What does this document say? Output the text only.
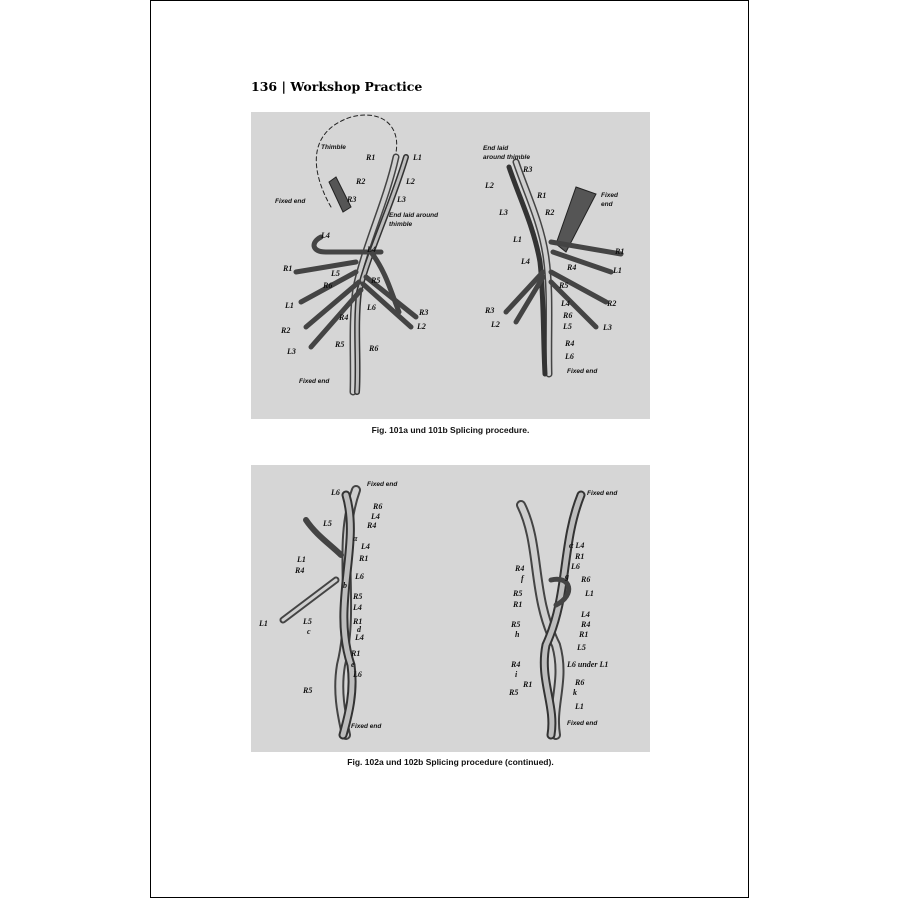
136 | Workshop Practice
Thimble
Fixed end
End laid around
thimble
Fixed end
R1	L1
R2	L2
R3	L3
L4
L4
L5
R6
R5
R4
L6
R5	R6
R1
L1
R2
L3
R3
L2
End laid
around thimble
R3
L2
R1
L3	R2
Fixed
end
L1
R1
L4
R4	L1
R5
L4	R2
R3
L2
R6
L5	L3
R4
L6
Fixed end
Fig. 101a und 101b Splicing procedure.
L6
Fixed end
R6
L4
L5	R4
α
L4
L1	R1
R4
L6
b
R5
L4
L1	L5
c
R1
d
L4
R1
e
L6
R5
Fixed end
Fixed end
α L4
R1
R4	L6
f	g R6
R5	L1
R1
L4
R5	R4
h	R1
L5
R4
i
L6 under L1
R1	R6
R5	k
L1
Fixed end
Fig. 102a und 102b Splicing procedure (continued).
